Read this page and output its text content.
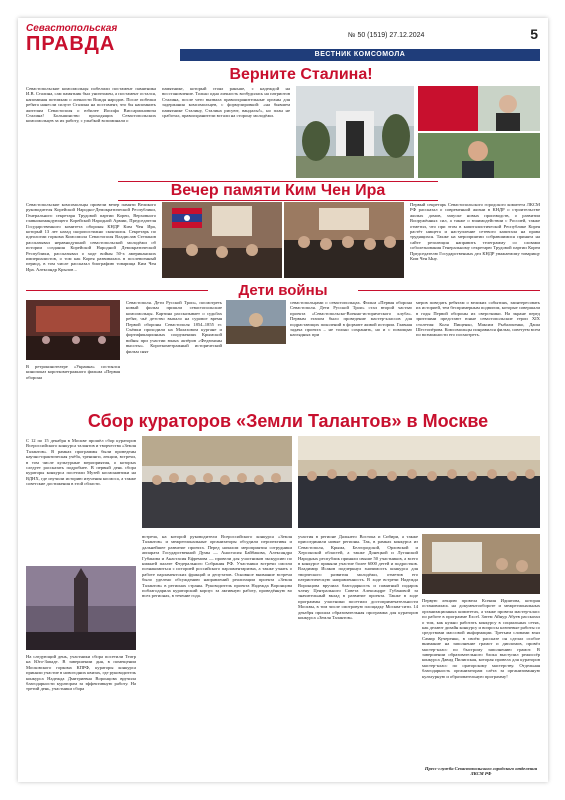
Севастопольская
ПРАВДА	№ 50 (1519) 27.12.2024	5
ВЕСТНИК КОМСОМОЛА
Верните Сталина!
Севастопольские комсомольцы побелили постамент памятника И.В. Сталина, сам памятник был уничтожен, а постамент остался, напоминая потомкам о личности Вождя народов. После побелки ребята нанесли силуэт Сталина на постамент, что бы напомнить жителям Севастополя о юбилее Иосифа Виссарионовича Сталина! Большинство проходящих Севастопольских комсомольцев за их работу, с улыбкой вспоминали о
памятнике, который стоял раньше, с надеждой на восстановление. Только одна личность возбудилась на патриотов Сталина, после чего вызвала правоохранительные органы для задержания комсомольцев, с формулировкой: «на бывшем памятнике Сталину, Сталина рисуют, вандалы!», но план не сработал, правоохранители встали на сторону молодёжи.
Вечер памяти Ким Чен Ира
Севастопольские комсомольцы провели вечер памяти Великого руководителя Корейской Народно-Демократической Республики, Генерального секретаря Трудовой партии Кореи, Верховного главнокомандующего Корейской Народной Армии, Председателя Государственного комитета обороны КНДР Ким Чен Ира, который 13 лет назад скоропостижно скончался. Секретарь по идеологии горкома Комсомола Севастополя Владислав Степанов рассказывал неравнодушной севастопольской молодёжи об истории создания Корейской Народной Демократической Республики, рассказывал о ходе войны 50-х американских империалистов, о том как Корея развивалась в послевоенный период, в том числе рассказал биографию товарища Ким Чен Ира. Александр Крылов –
Первый секретарь Севастопольского городского комитета ЛКСМ РФ рассказал о современной жизни в КНДР о строительстве жилых домов, запуске новых производств, о развитии Вооружённых сил, а также о взаимодействии с Россией, также отметил, что при этом в капиталистической Республике Корея растёт нищета и наступление сетевого капитала на права трудящихся. Также на мероприятии собравшимися принята на сайте резолюция направить телеграмму со словами соболезнования Генеральному секретарю Трудовой партии Кореи Председателю Государственных дел КНДР уважаемому товарищу Ким Чен Ыну.
Дети войны
В ретрокинотеатре «Украина» состоялся кинопоказ короткометражного фильма «Первая оборона
Севастополя. Дети Русской Трои», посмотреть новый фильм пришли севастопольские комсомольцы. Картина рассказывает о судьбах ребят, чьё детство выпало на суровое время Первой обороны Севастополя 1854–1855 гг. Съёмки проходили на Малаховом кургане и фортификационных сооружениях Крымской войны при участии юных актёров «Федюхины высоты». Короткометражный исторический фильм снят
севастопольцами о севастопольцах. Фильм «Первая оборона Севастополя. Дети Русской Трои» стал второй частью проекта «Севастопольско-Военно-исторического клуба». Первым этапом было проведение мастер-классов для подрастающих поколений в формате живой истории. Главная задача проекта – не только сохранить, но и с помощью наглядных при
меров поведать ребятам о великих событиях, заинтересовать их историей, тем беспримерным подвигом, которые совершали в годы Первой обороны их сверстники. На экране перед зрителями предстают юные севастопольские герои XIX столетия: Коля Пищенко, Максим Рыбальченко, Даша Шестопёрова. Комсомольцы понравился фильм, советуем всем по возможности его посмотреть.
Сбор кураторов «Земли Талантов» в Москве
С 12 по 15 декабря в Москве прошёл сбор кураторов Всероссийского конкурса талантов и творчества «Земля Талантов». В рамках программы были проведены научно-практическая учёба, тренинги, лекции, встречи, в том числе культурные мероприятия, о которых следует рассказать подробнее. В первый день сбора кураторы конкурса посетили Музей космонавтики на ВДНХ, где изучили историю изучения космоса, а также советские достижения в этой области.
На следующий день, участники сбора посетили Театр на Юго-Западе. В завершении дня, в помещении Московского горкома КПРФ, кураторы конкурса приняли участие в новогодних квизах, где руководитель конкурса Надежда Дмитриевна Воронцова вручила благодарности кураторам за эффективную работу. На третий день, участники сбора
встреча, на которой руководители Всероссийского конкурса «Земля Талантов» и межрегиональные организаторы обсудили перспективы и дальнейшее развитие проекта. Перед началом мероприятия сотрудники аппарата Государственной Думы — Анастасия Байбакова, Александра Губанова и Анастасия Ефремова — провели для участников экскурсию по нижней палате Федерального Собрания РФ. Участники встречи смогли познакомиться с историей российского парламентаризма, а также узнать о работе парламентских фракций и депутатов. Основное внимание встречи было уделено обсуждению направлений реализации проекта «Земля Талантов» в регионах страны. Руководитель проекта Надежда Воронцова поблагодарила кураторский корпус за активную работу, проведённую во всех регионах, в течение года.
участия в регионе Дальнего Востока и Сибири, а также присоединили новые регионы. Так, в рамках конкурса из Севастополя, Крыма, Белгородской, Орловской и Херсонской областей, а также Донецкой и Луганской Народных республик приняли свыше 50 участников, а всего в конкурсе приняли участие более 6000 детей и подростков. Владимир Исаков подчеркнул значимость конкурса для творческого развития молодёжи, отметив его патриотическую направленность. В ходе встречи Надежда Воронцова вручила благодарность и памятный подарок члену Центрального Совета Александре Губановой за значительный вклад в развитие проекта. Также в ходе программы участники посетили достопримечательности Москвы, в том числе смотровую площадку Москва-сити. 14 декабря прошла образовательная программа для кураторов конкурса «Земля Талантов».
Первую лекцию провела Ксения Идиятова, которая остановилась на документообороте и межрегиональных организационных комитетах, а также провела мастер-класс по работе в программе Excel. Затем Айнур Абуев рассказал о том, как нужно работать конкурсу в социальных сетях, как делают дизайн конкурсу и вопросы ключевые работы со средствами массовой информации. Третьим словами взял Самир Кучеренко, в своём рассказе он сделал особое внимание на заполнение грамот и дипломов, провёл мастер-класс по быстрому заполнению грамот. В завершении образовательного блока выступил режиссёр конкурса Давид Пилипская, которая провела для кураторов мастер-класс по ораторскому мастерству. Отдельная благодарность организаторам слёта за организованную культурную и образовательную программу!
Пресс-служба Севастопольского городского отделения ЛКСМ РФ
